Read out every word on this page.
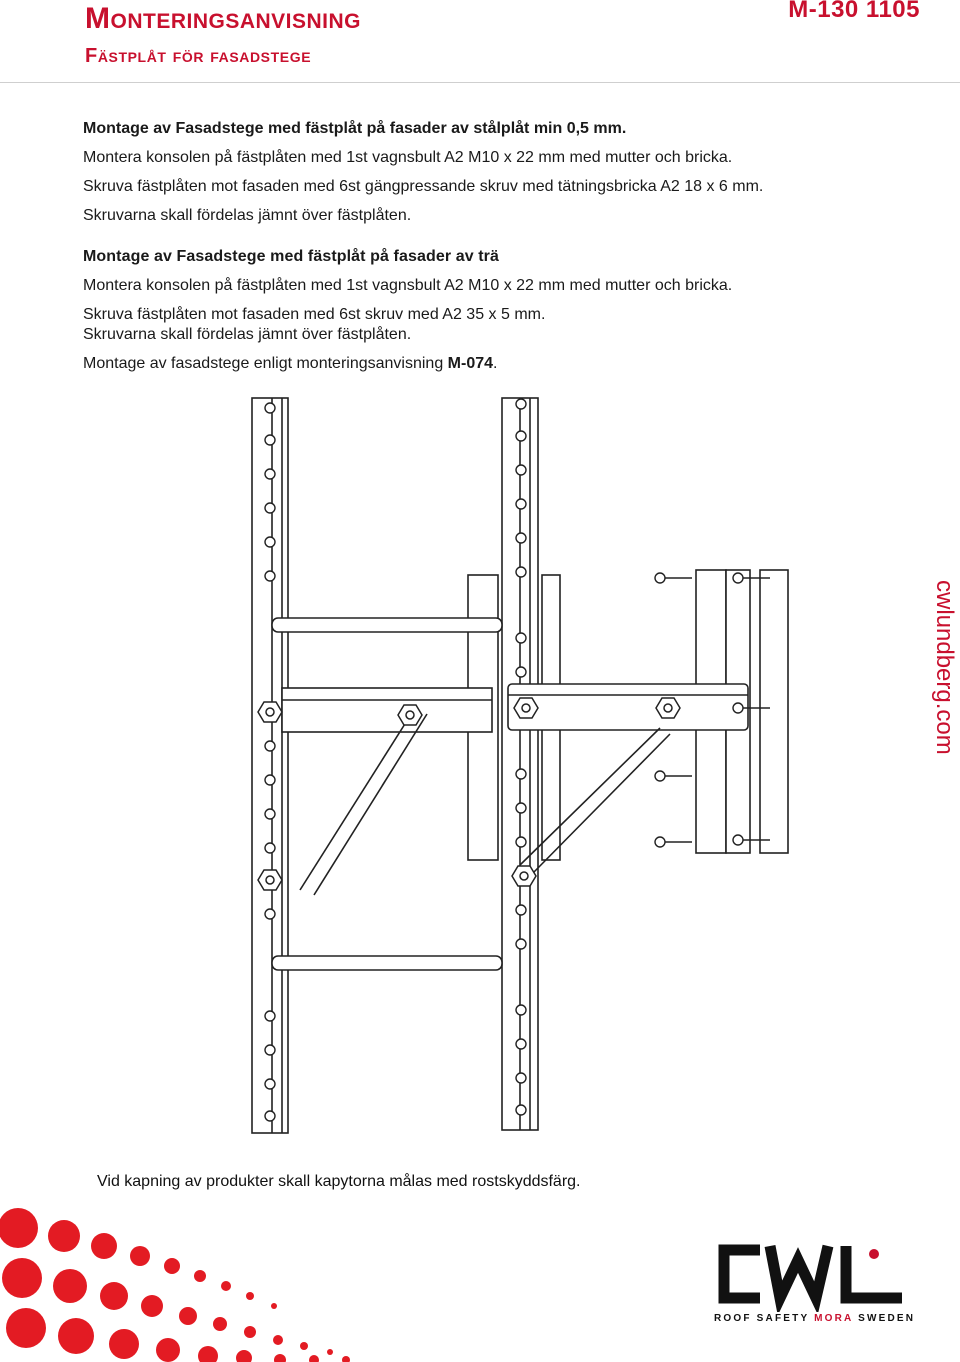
Monteringsanvisning
Fästplåt för fasadstege
M-130 1105
Montage av Fasadstege med fästplåt på fasader av stålplåt min 0,5 mm.
Montera konsolen på fästplåten med 1st vagnsbult A2 M10 x 22 mm med mutter och bricka.
Skruva fästplåten mot fasaden med 6st gängpressande skruv med tätningsbricka A2 18 x 6 mm.
Skruvarna skall fördelas jämnt över fästplåten.
Montage av Fasadstege med fästplåt på fasader av trä
Montera konsolen på fästplåten med 1st vagnsbult A2 M10 x 22 mm med mutter och bricka.
Skruva fästplåten mot fasaden med 6st skruv med A2 35 x 5 mm.
Skruvarna skall fördelas jämnt över fästplåten.
Montage av fasadstege enligt monteringsanvisning M-074.
cwlundberg.com
Vid kapning av produkter skall kapytorna målas med rostskyddsfärg.
ROOF SAFETY MORA SWEDEN
